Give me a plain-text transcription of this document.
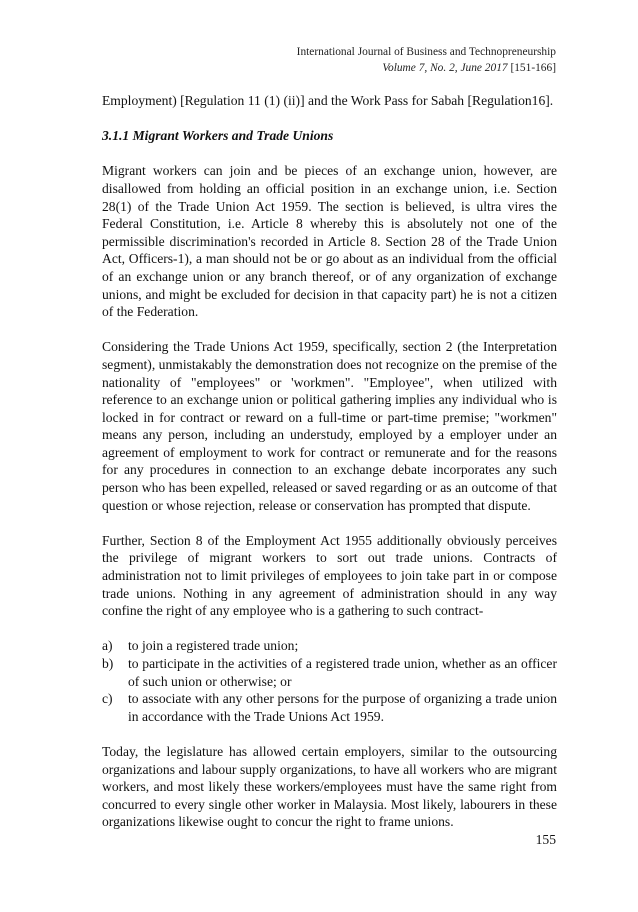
International Journal of Business and Technopreneurship
Volume 7, No. 2, June 2017 [151-166]

Employment) [Regulation 11 (1) (ii)] and the Work Pass for Sabah [Regulation16].

3.1.1 Migrant Workers and Trade Unions

Migrant workers can join and be pieces of an exchange union, however, are disallowed from holding an official position in an exchange union, i.e. Section 28(1) of the Trade Union Act 1959. The section is believed, is ultra vires the Federal Constitution, i.e. Article 8 whereby this is absolutely not one of the permissible discrimination's recorded in Article 8. Section 28 of the Trade Union Act, Officers-1), a man should not be or go about as an individual from the official of an exchange union or any branch thereof, or of any organization of exchange unions, and might be excluded for decision in that capacity part) he is not a citizen of the Federation.

Considering the Trade Unions Act 1959, specifically, section 2 (the Interpretation segment), unmistakably the demonstration does not recognize on the premise of the nationality of "employees" or 'workmen". "Employee", when utilized with reference to an exchange union or political gathering implies any individual who is locked in for contract or reward on a full-time or part-time premise; "workmen" means any person, including an understudy, employed by a employer under an agreement of employment to work for contract or remunerate and for the reasons for any procedures in connection to an exchange debate incorporates any such person who has been expelled, released or saved regarding or as an outcome of that question or whose rejection, release or conservation has prompted that dispute.

Further, Section 8 of the Employment Act 1955 additionally obviously perceives the privilege of migrant workers to sort out trade unions. Contracts of administration not to limit privileges of employees to join take part in or compose trade unions. Nothing in any agreement of administration should in any way confine the right of any employee who is a gathering to such contract-

a) to join a registered trade union;
b) to participate in the activities of a registered trade union, whether as an officer of such union or otherwise; or
c) to associate with any other persons for the purpose of organizing a trade union in accordance with the Trade Unions Act 1959.

Today, the legislature has allowed certain employers, similar to the outsourcing organizations and labour supply organizations, to have all workers who are migrant workers, and most likely these workers/employees must have the same right from concurred to every single other worker in Malaysia. Most likely, labourers in these organizations likewise ought to concur the right to frame unions.

155
